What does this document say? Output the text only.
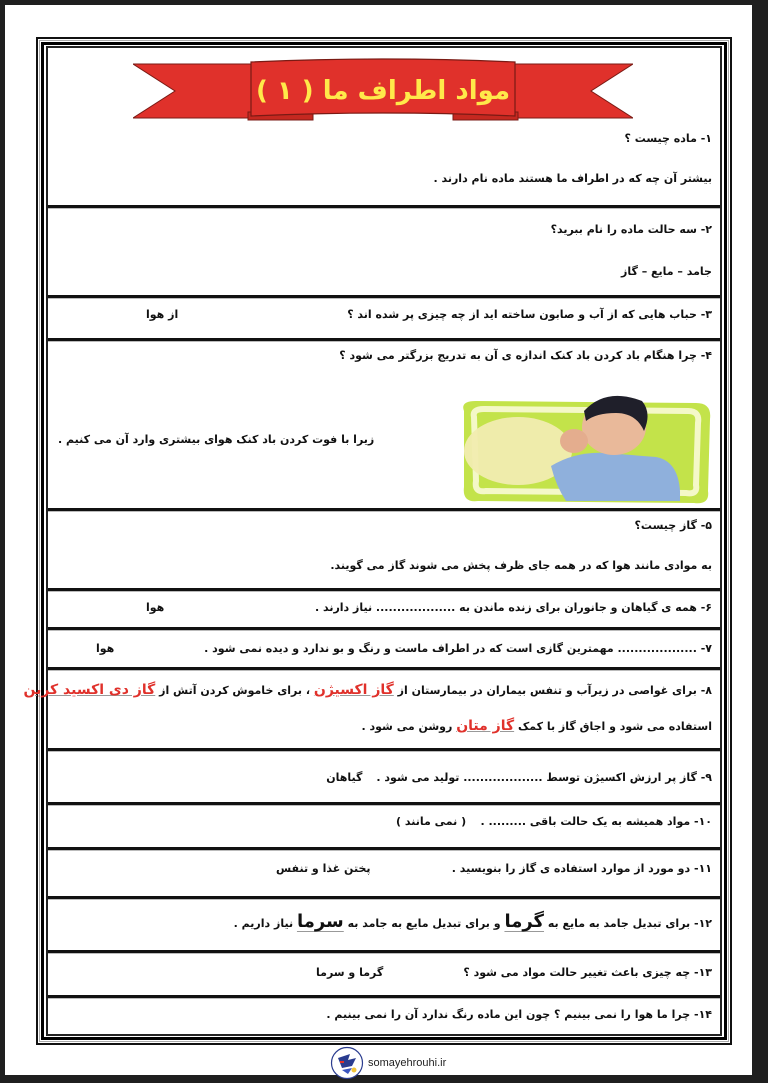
مواد اطراف ما ( ۱ )
۱- ماده چیست ؟
بیشتر آن چه که در اطراف ما هستند ماده نام دارند .
۲- سه حالت ماده را نام ببرید؟
جامد – مایع – گاز
۳- حباب هایی که از آب و صابون ساخته اید از چه چیزی پر شده اند ؟
از هوا
۴- چرا هنگام باد کردن باد کنک اندازه ی آن به تدریج بزرگتر می شود ؟
زیرا با فوت کردن باد کنک هوای بیشتری وارد آن می کنیم .
۵- گاز چیست؟
به موادی مانند هوا که در همه جای ظرف پخش می شوند گاز می گویند.
۶- همه ی گیاهان و جانوران برای زنده ماندن به ................... نیاز دارند .
هوا
۷- ................... مهمترین گازی است که در اطراف ماست و رنگ و بو ندارد و دیده نمی شود .
هوا
۸- برای غواصی در زیرآب و تنفس بیماران در بیمارستان از گاز اکسیژن ، برای خاموش کردن آتش از گاز دی اکسید کربن
استفاده می شود و اجاق گاز با کمک گاز متان روشن می شود .
۹- گاز پر ارزش اکسیژن توسط ................... تولید می شود .
گیاهان
۱۰- مواد همیشه به یک حالت باقی ......... .
( نمی مانند )
۱۱- دو مورد از موارد استفاده ی گاز را بنویسید .
پختن غذا و تنفس
۱۲- برای تبدیل جامد به مایع به گرما و برای تبدیل مایع به جامد به سرما نیاز داریم .
۱۳- چه چیزی باعث تغییر حالت مواد می شود ؟
گرما و سرما
۱۴- چرا ما هوا را نمی بینیم ؟ چون این ماده رنگ ندارد آن را نمی بینیم .
somayehrouhi.ir
